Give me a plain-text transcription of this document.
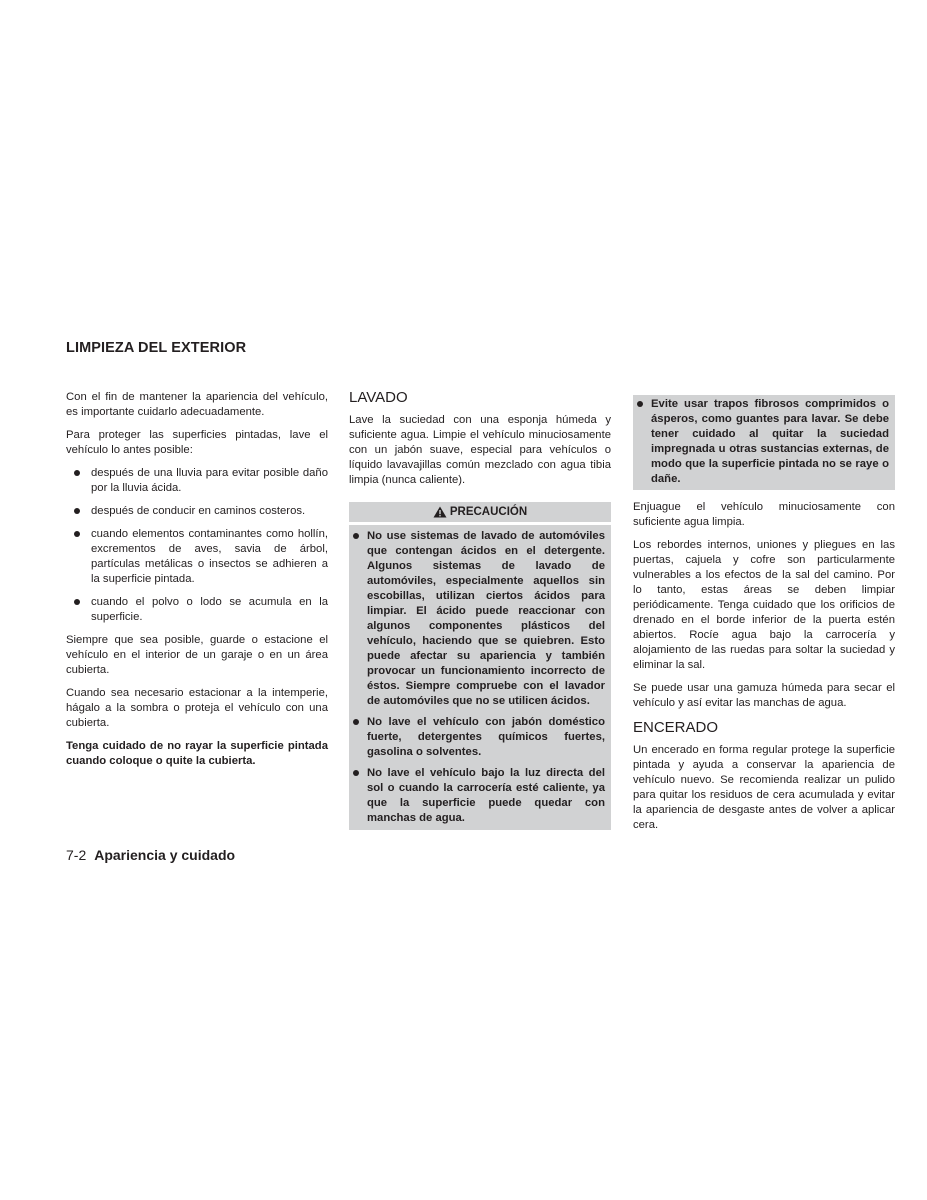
LIMPIEZA DEL EXTERIOR

Con el fin de mantener la apariencia del vehículo, es importante cuidarlo adecuadamente.

Para proteger las superficies pintadas, lave el vehículo lo antes posible:

después de una lluvia para evitar posible daño por la lluvia ácida.
después de conducir en caminos costeros.
cuando elementos contaminantes como hollín, excrementos de aves, savia de árbol, partículas metálicas o insectos se adhieren a la superficie pintada.
cuando el polvo o lodo se acumula en la superficie.

Siempre que sea posible, guarde o estacione el vehículo en el interior de un garaje o en un área cubierta.

Cuando sea necesario estacionar a la intemperie, hágalo a la sombra o proteja el vehículo con una cubierta.

Tenga cuidado de no rayar la superficie pintada cuando coloque o quite la cubierta.

LAVADO

Lave la suciedad con una esponja húmeda y suficiente agua. Limpie el vehículo minuciosamente con un jabón suave, especial para vehículos o líquido lavavajillas común mezclado con agua tibia limpia (nunca caliente).

PRECAUCIÓN
No use sistemas de lavado de automóviles que contengan ácidos en el detergente. Algunos sistemas de lavado de automóviles, especialmente aquellos sin escobillas, utilizan ciertos ácidos para limpiar. El ácido puede reaccionar con algunos componentes plásticos del vehículo, haciendo que se quiebren. Esto puede afectar su apariencia y también provocar un funcionamiento incorrecto de éstos. Siempre compruebe con el lavador de automóviles que no se utilicen ácidos.
No lave el vehículo con jabón doméstico fuerte, detergentes químicos fuertes, gasolina o solventes.
No lave el vehículo bajo la luz directa del sol o cuando la carrocería esté caliente, ya que la superficie puede quedar con manchas de agua.
Evite usar trapos fibrosos comprimidos o ásperos, como guantes para lavar. Se debe tener cuidado al quitar la suciedad impregnada u otras sustancias externas, de modo que la superficie pintada no se raye o dañe.

Enjuague el vehículo minuciosamente con suficiente agua limpia.

Los rebordes internos, uniones y pliegues en las puertas, cajuela y cofre son particularmente vulnerables a los efectos de la sal del camino. Por lo tanto, estas áreas se deben limpiar periódicamente. Tenga cuidado que los orificios de drenado en el borde inferior de la puerta estén abiertos. Rocíe agua bajo la carrocería y alojamiento de las ruedas para soltar la suciedad y eliminar la sal.

Se puede usar una gamuza húmeda para secar el vehículo y así evitar las manchas de agua.

ENCERADO

Un encerado en forma regular protege la superficie pintada y ayuda a conservar la apariencia de vehículo nuevo. Se recomienda realizar un pulido para quitar los residuos de cera acumulada y evitar la apariencia de desgaste antes de volver a aplicar cera.

7-2 Apariencia y cuidado
